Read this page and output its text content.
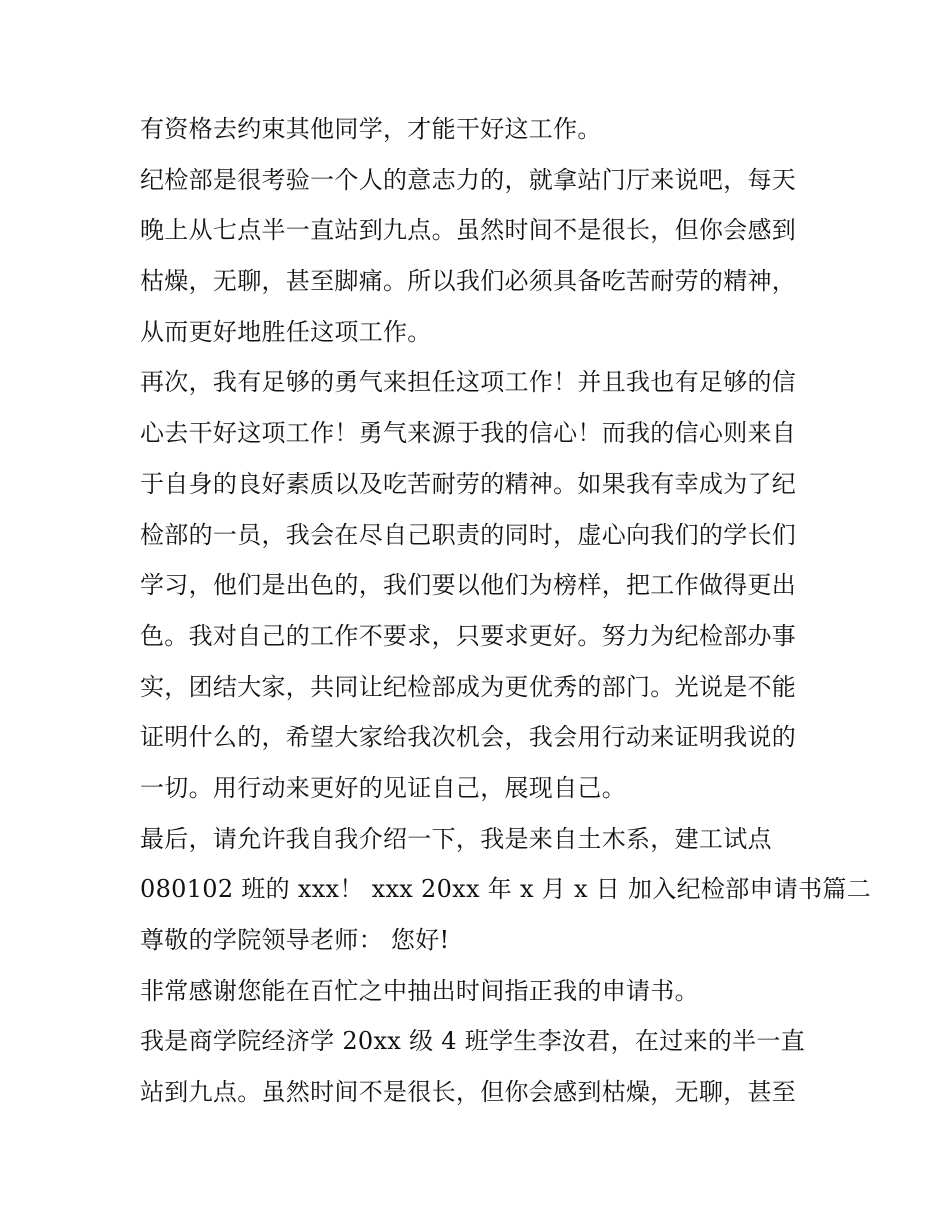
有资格去约束其他同学，才能干好这工作。
纪检部是很考验一个人的意志力的，就拿站门厅来说吧，每天
晚上从七点半一直站到九点。虽然时间不是很长，但你会感到
枯燥，无聊，甚至脚痛。所以我们必须具备吃苦耐劳的精神，
从而更好地胜任这项工作。
再次，我有足够的勇气来担任这项工作！并且我也有足够的信
心去干好这项工作！勇气来源于我的信心！而我的信心则来自
于自身的良好素质以及吃苦耐劳的精神。如果我有幸成为了纪
检部的一员，我会在尽自己职责的同时，虚心向我们的学长们
学习，他们是出色的，我们要以他们为榜样，把工作做得更出
色。我对自己的工作不要求，只要求更好。努力为纪检部办事
实，团结大家，共同让纪检部成为更优秀的部门。光说是不能
证明什么的，希望大家给我次机会，我会用行动来证明我说的
一切。用行动来更好的见证自己，展现自己。
最后，请允许我自我介绍一下，我是来自土木系，建工试点
080102 班的 xxx！ xxx 20xx 年 x 月 x 日 加入纪检部申请书篇二
尊敬的学院领导老师： 您好!
非常感谢您能在百忙之中抽出时间指正我的申请书。
我是商学院经济学 20xx 级 4 班学生李汝君，在过来的半一直
站到九点。虽然时间不是很长，但你会感到枯燥，无聊，甚至
